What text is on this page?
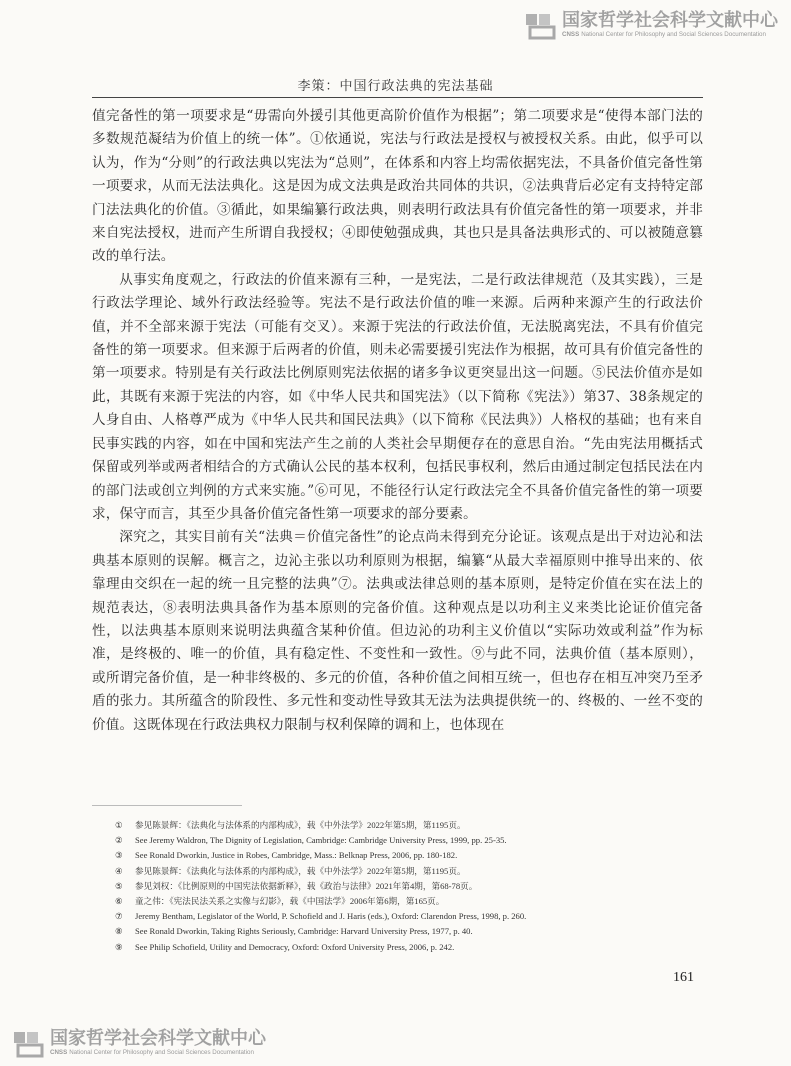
国家哲学社会科学文献中心
CNSS National Center for Philosophy and Social Sciences Documentation
李策：中国行政法典的宪法基础

值完备性的第一项要求是“毋需向外援引其他更高阶价值作为根据”；第二项要求是“使得本部门法的多数规范凝结为价值上的统一体”。①依通说，宪法与行政法是授权与被授权关系。由此，似乎可以认为，作为“分则”的行政法典以宪法为“总则”，在体系和内容上均需依据宪法，不具备价值完备性第一项要求，从而无法法典化。这是因为成文法典是政治共同体的共识，②法典背后必定有支持特定部门法法典化的价值。③循此，如果编纂行政法典，则表明行政法具有价值完备性的第一项要求，并非来自宪法授权，进而产生所谓自我授权；④即使勉强成典，其也只是具备法典形式的、可以被随意篡改的单行法。

从事实角度观之，行政法的价值来源有三种，一是宪法，二是行政法律规范（及其实践），三是行政法学理论、域外行政法经验等。宪法不是行政法价值的唯一来源。后两种来源产生的行政法价值，并不全部来源于宪法（可能有交叉）。来源于宪法的行政法价值，无法脱离宪法，不具有价值完备性的第一项要求。但来源于后两者的价值，则未必需要援引宪法作为根据，故可具有价值完备性的第一项要求。特别是有关行政法比例原则宪法依据的诸多争议更突显出这一问题。⑤民法价值亦是如此，其既有来源于宪法的内容，如《中华人民共和国宪法》（以下简称《宪法》）第37、38条规定的人身自由、人格尊严成为《中华人民共和国民法典》（以下简称《民法典》）人格权的基础；也有来自民事实践的内容，如在中国和宪法产生之前的人类社会早期便存在的意思自治。“先由宪法用概括式保留或列举或两者相结合的方式确认公民的基本权利，包括民事权利，然后由通过制定包括民法在内的部门法或创立判例的方式来实施。”⑥可见，不能径行认定行政法完全不具备价值完备性的第一项要求，保守而言，其至少具备价值完备性第一项要求的部分要素。

深究之，其实目前有关“法典＝价值完备性”的论点尚未得到充分论证。该观点是出于对边沁和法典基本原则的误解。概言之，边沁主张以功利原则为根据，编纂“从最大幸福原则中推导出来的、依靠理由交织在一起的统一且完整的法典”⑦。法典或法律总则的基本原则，是特定价值在实在法上的规范表达，⑧表明法典具备作为基本原则的完备价值。这种观点是以功利主义来类比论证价值完备性，以法典基本原则来说明法典蕴含某种价值。但边沁的功利主义价值以“实际功效或利益”作为标准，是终极的、唯一的价值，具有稳定性、不变性和一致性。⑨与此不同，法典价值（基本原则），或所谓完备价值，是一种非终极的、多元的价值，各种价值之间相互统一，但也存在相互冲突乃至矛盾的张力。其所蕴含的阶段性、多元性和变动性导致其无法为法典提供统一的、终极的、一丝不变的价值。这既体现在行政法典权力限制与权利保障的调和上，也体现在

① 参见陈景辉：《法典化与法体系的内部构成》，载《中外法学》2022年第5期，第1195页。
② See Jeremy Waldron, The Dignity of Legislation, Cambridge: Cambridge University Press, 1999, pp. 25-35.
③ See Ronald Dworkin, Justice in Robes, Cambridge, Mass.: Belknap Press, 2006, pp. 180-182.
④ 参见陈景辉：《法典化与法体系的内部构成》，载《中外法学》2022年第5期，第1195页。
⑤ 参见刘权：《比例原则的中国宪法依据新释》，载《政治与法律》2021年第4期，第68-78页。
⑥ 童之伟：《宪法民法关系之实像与幻影》，载《中国法学》2006年第6期，第165页。
⑦ Jeremy Bentham, Legislator of the World, P. Schofield and J. Haris (eds.), Oxford: Clarendon Press, 1998, p. 260.
⑧ See Ronald Dworkin, Taking Rights Seriously, Cambridge: Harvard University Press, 1977, p. 40.
⑨ See Philip Schofield, Utility and Democracy, Oxford: Oxford University Press, 2006, p. 242.
161
国家哲学社会科学文献中心
CNSS National Center for Philosophy and Social Sciences Documentation
